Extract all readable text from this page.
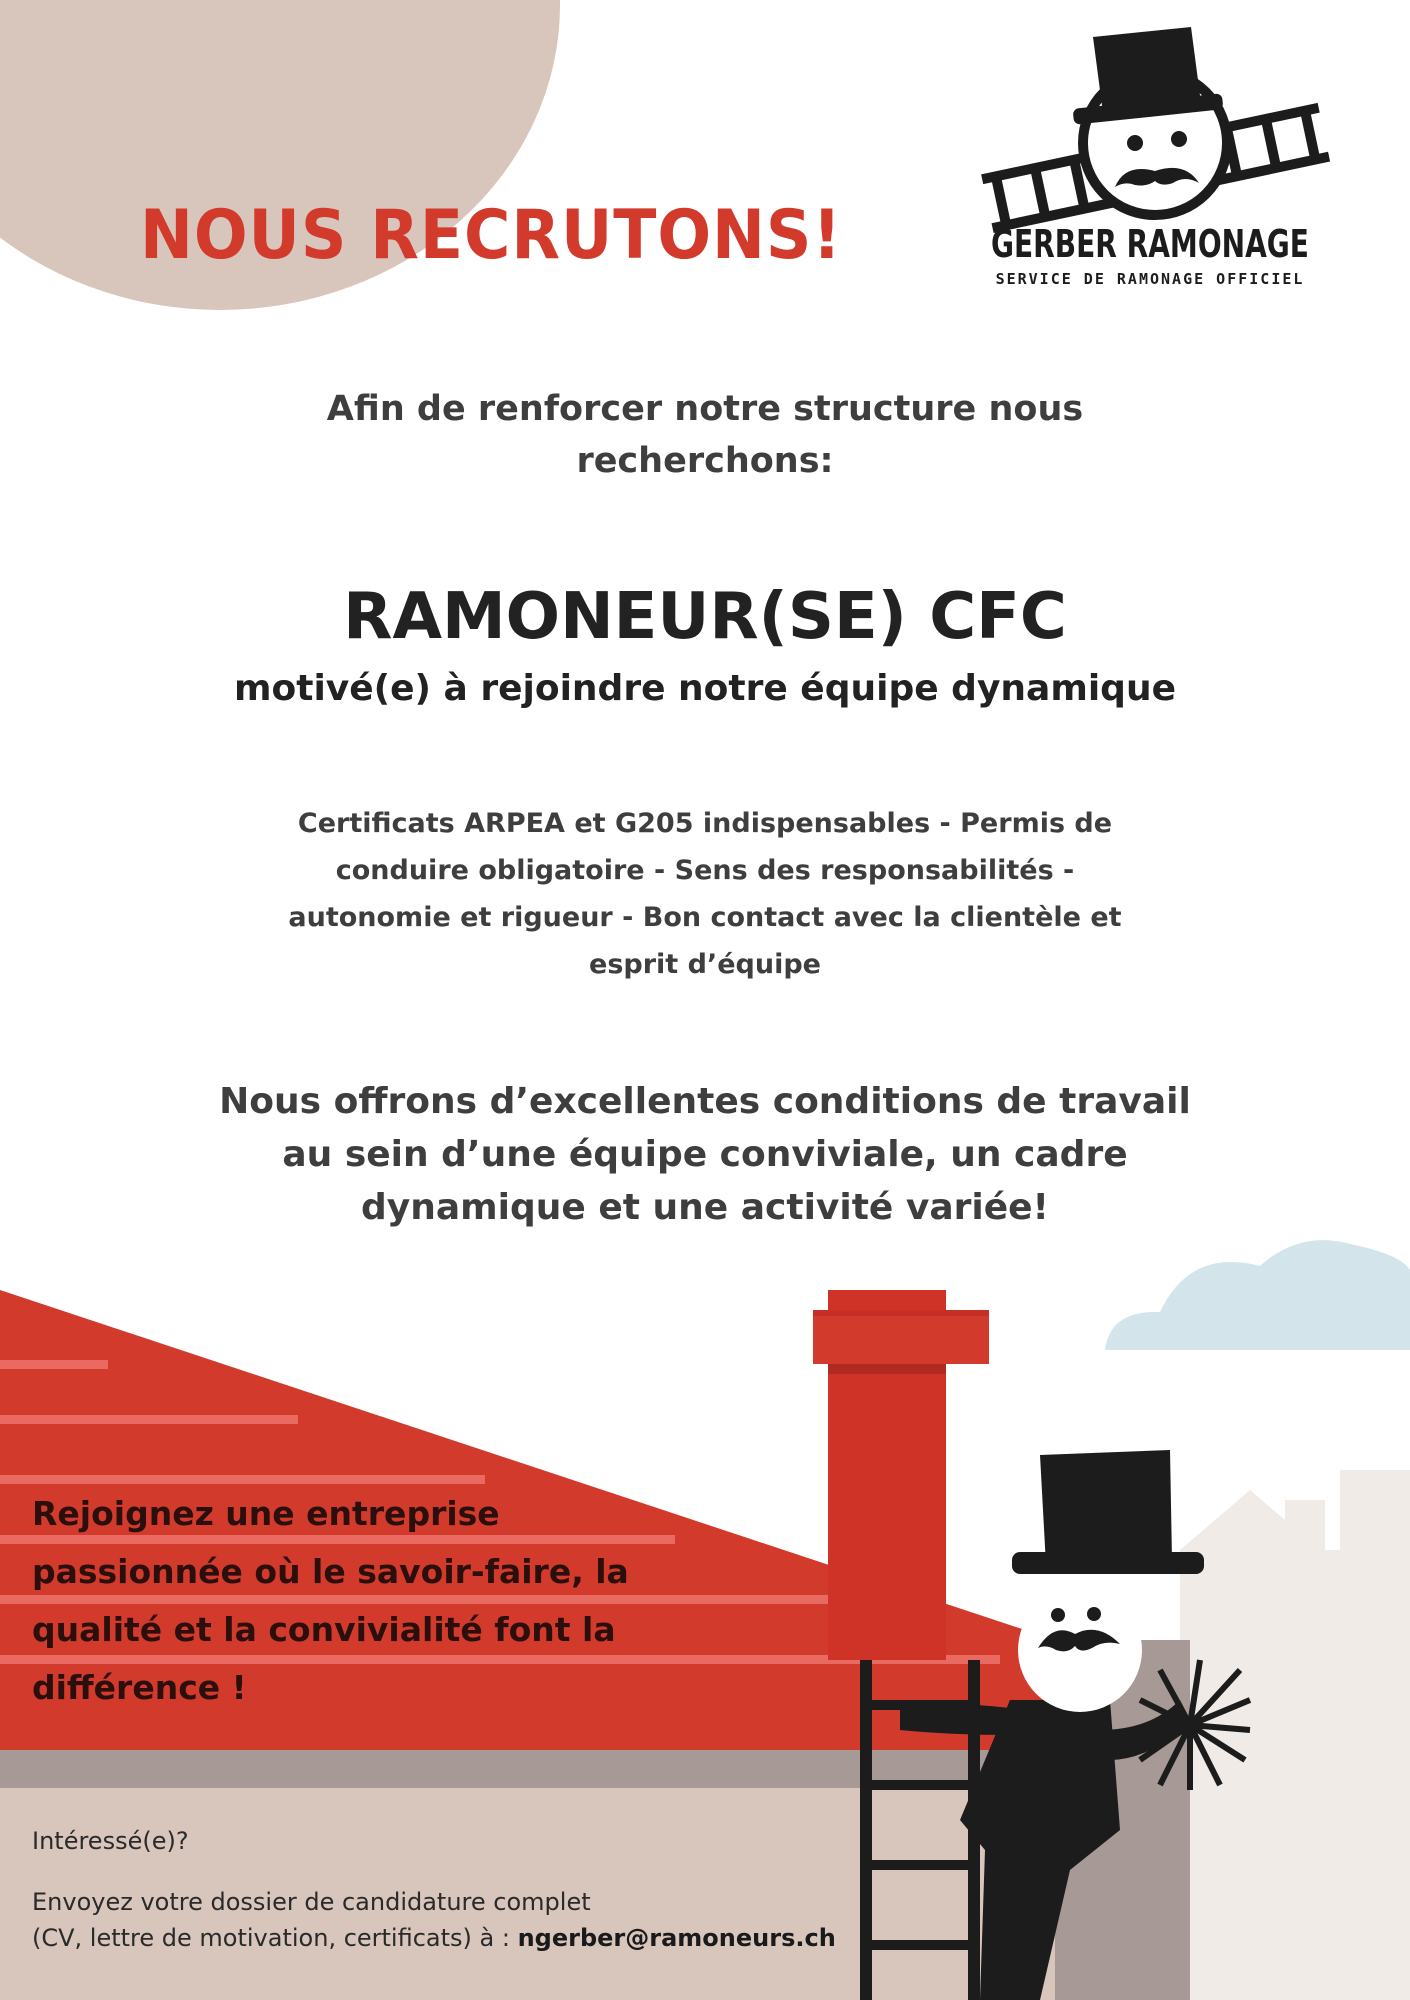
NOUS RECRUTONS!	GERBER RAMONAGE
SERVICE DE RAMONAGE OFFICIEL
Afin de renforcer notre structure nous
recherchons:
RAMONEUR(SE) CFC
motivé(e) à rejoindre notre équipe dynamique
Certificats ARPEA et G205 indispensables - Permis de
conduire obligatoire - Sens des responsabilités -
autonomie et rigueur - Bon contact avec la clientèle et
esprit d’équipe
Nous offrons d’excellentes conditions de travail
au sein d’une équipe conviviale, un cadre
dynamique et une activité variée!
Rejoignez une entreprise
passionnée où le savoir-faire, la
qualité et la convivialité font la
différence !
Intéressé(e)?
Envoyez votre dossier de candidature complet
(CV, lettre de motivation, certificats) à : ngerber@ramoneurs.ch
